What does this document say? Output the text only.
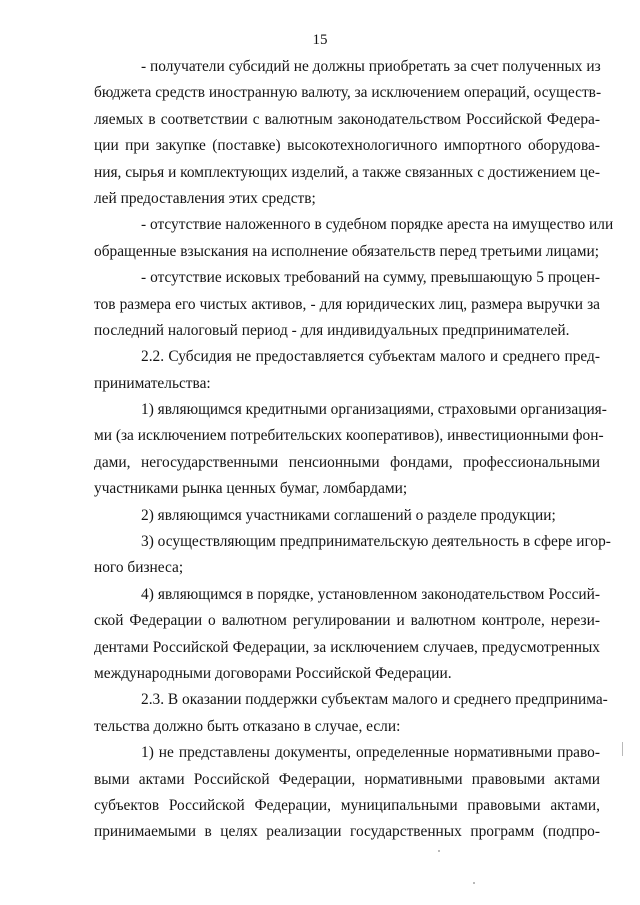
15
- получатели субсидий не должны приобретать за счет полученных из
бюджета средств иностранную валюту, за исключением операций, осуществ-
ляемых в соответствии с валютным законодательством Российской Федера-
ции при закупке (поставке) высокотехнологичного импортного оборудова-
ния, сырья и комплектующих изделий, а также связанных с достижением це-
лей предоставления этих средств;
- отсутствие наложенного в судебном порядке ареста на имущество или
обращенные взыскания на исполнение обязательств перед третьими лицами;
- отсутствие исковых требований на сумму, превышающую 5 процен-
тов размера его чистых активов, - для юридических лиц, размера выручки за
последний налоговый период - для индивидуальных предпринимателей.
2.2. Субсидия не предоставляется субъектам малого и среднего пред-
принимательства:
1) являющимся кредитными организациями, страховыми организация-
ми (за исключением потребительских кооперативов), инвестиционными фон-
дами, негосударственными пенсионными фондами, профессиональными
участниками рынка ценных бумаг, ломбардами;
2) являющимся участниками соглашений о разделе продукции;
3) осуществляющим предпринимательскую деятельность в сфере игор-
ного бизнеса;
4) являющимся в порядке, установленном законодательством Россий-
ской Федерации о валютном регулировании и валютном контроле, нерези-
дентами Российской Федерации, за исключением случаев, предусмотренных
международными договорами Российской Федерации.
2.3. В оказании поддержки субъектам малого и среднего предпринима-
тельства должно быть отказано в случае, если:
1) не представлены документы, определенные нормативными право-
выми актами Российской Федерации, нормативными правовыми актами
субъектов Российской Федерации, муниципальными правовыми актами,
принимаемыми в целях реализации государственных программ (подпро-
